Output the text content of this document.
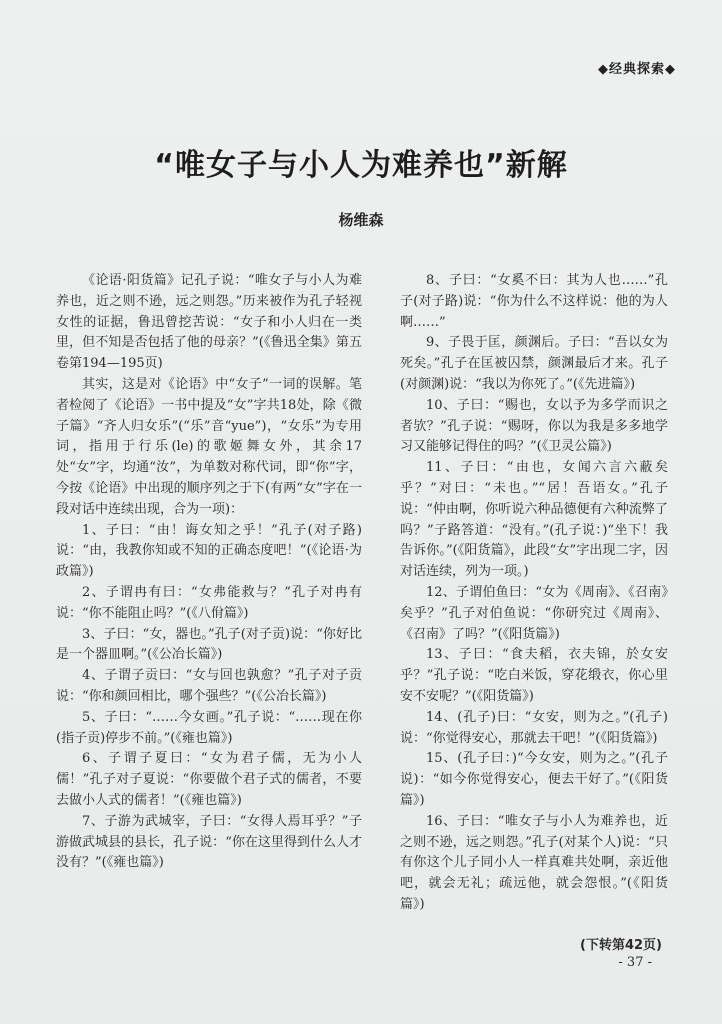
◆经典探索◆
“唯女子与小人为难养也”新解
杨维森

《论语·阳货篇》记孔子说：“唯女子与小人为难养也，近之则不逊，远之则怨。”历来被作为孔子轻视女性的证据，鲁迅曾挖苦说：“女子和小人归在一类里，但不知是否包括了他的母亲？”(《鲁迅全集》第五卷第194—195页)

其实，这是对《论语》中“女子”一词的误解。笔者检阅了《论语》一书中提及“女”字共18处，除《微子篇》“齐人归女乐”(“乐”音“yue”)，“女乐”为专用词，指用于行乐(le)的歌姬舞女外，其余17处“女”字，均通“汝”，为单数对称代词，即“你”字，今按《论语》中出现的顺序列之于下(有两“女”字在一段对话中连续出现，合为一项)：

1、子曰：“由！诲女知之乎！”孔子(对子路)说：“由，我教你知或不知的正确态度吧！”(《论语·为政篇》)

2、子谓冉有曰：“女弗能救与？”孔子对冉有说：“你不能阻止吗？”(《八佾篇》)

3、子曰：“女，器也。”孔子(对子贡)说：“你好比是一个器皿啊。”(《公冶长篇》)

4、子谓子贡曰：“女与回也孰愈？”孔子对子贡说：“你和颜回相比，哪个强些？”(《公冶长篇》)

5、子曰：“……今女画。”孔子说：“……现在你(指子贡)停步不前。”(《雍也篇》)

6、子谓子夏曰：“女为君子儒，无为小人儒！”孔子对子夏说：“你要做个君子式的儒者，不要去做小人式的儒者！”(《雍也篇》)

7、子游为武城宰，子曰：“女得人焉耳乎？”子游做武城县的县长，孔子说：“你在这里得到什么人才没有？”(《雍也篇》)

8、子曰：“女奚不曰：其为人也……”孔子(对子路)说：“你为什么不这样说：他的为人啊……”

9、子畏于匡，颜渊后。子曰：“吾以女为死矣。”孔子在匡被囚禁，颜渊最后才来。孔子(对颜渊)说：“我以为你死了。”(《先进篇》)

10、子曰：“赐也，女以予为多学而识之者欤？”孔子说：“赐呀，你以为我是多多地学习又能够记得住的吗？”(《卫灵公篇》)

11、子曰：“由也，女闻六言六蔽矣乎？”对曰：“未也。”“居！吾语女。”孔子说：“仲由啊，你听说六种品德便有六种流弊了吗？”子路答道：“没有。”(孔子说：)“坐下！我告诉你。”(《阳货篇》，此段“女”字出现二字，因对话连续，列为一项。)

12、子谓伯鱼曰：“女为《周南》、《召南》矣乎？”孔子对伯鱼说：“你研究过《周南》、《召南》了吗？”(《阳货篇》)

13、子曰：“食夫稻，衣夫锦，於女安乎？”孔子说：“吃白米饭，穿花缎衣，你心里安不安呢？”(《阳货篇》)

14、(孔子)曰：“女安，则为之。”(孔子)说：“你觉得安心，那就去干吧！”(《阳货篇》)

15、(孔子曰：)“今女安，则为之。”(孔子说)：“如今你觉得安心，便去干好了。”(《阳货篇》)

16、子曰：“唯女子与小人为难养也，近之则不逊，远之则怨。”孔子(对某个人)说：“只有你这个儿子同小人一样真难共处啊，亲近他吧，就会无礼；疏远他，就会怨恨。”(《阳货篇》)

(下转第42页)
- 37 -
